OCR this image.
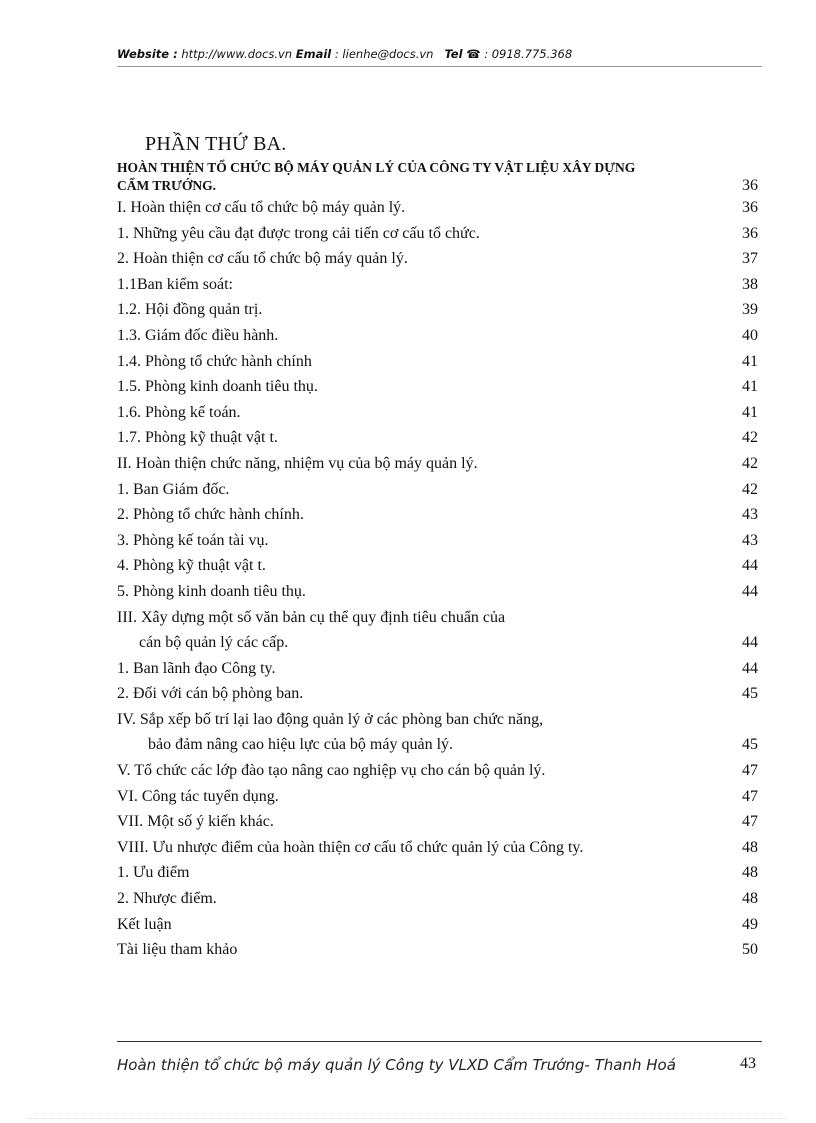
Website : http://www.docs.vn Email : lienhe@docs.vn Tel ☎ : 0918.775.368
PHẦN THỨ BA.
HOÀN THIỆN TỔ CHỨC BỘ MÁY QUẢN LÝ CỦA CÔNG TY VẬT LIỆU XÂY DỰNG
CẨM TRƯỚNG.	36
I. Hoàn thiện cơ cấu tổ chức bộ máy quản lý.	36
1. Những yêu cầu đạt được trong cải tiến cơ cấu tổ chức.	36
2. Hoàn thiện cơ cấu tổ chức bộ máy quản lý.	37
1.1Ban kiểm soát:	38
1.2. Hội đồng quản trị.	39
1.3. Giám đốc điều hành.	40
1.4. Phòng tổ chức hành chính	41
1.5. Phòng kinh doanh tiêu thụ.	41
1.6. Phòng kế toán.	41
1.7. Phòng kỹ thuật vật t.	42
II. Hoàn thiện chức năng, nhiệm vụ của bộ máy quản lý.	42
1. Ban Giám đốc.	42
2. Phòng tổ chức hành chính.	43
3. Phòng kế toán tài vụ.	43
4. Phòng kỹ thuật vật t.	44
5. Phòng kinh doanh tiêu thụ.	44
III. Xây dựng một số văn bản cụ thể quy định tiêu chuẩn của
cán bộ quản lý các cấp.	44
1. Ban lãnh đạo Công ty.	44
2. Đối với cán bộ phòng ban.	45
IV. Sắp xếp bố trí lại lao động quản lý ở các phòng ban chức năng,
bảo đảm nâng cao hiệu lực của bộ máy quản lý.	45
V. Tổ chức các lớp đào tạo nâng cao nghiệp vụ cho cán bộ quản lý.	47
VI. Công tác tuyển dụng.	47
VII. Một số ý kiến khác.	47
VIII. Ưu nhược điểm của hoàn thiện cơ cấu tổ chức quản lý của Công ty.	48
1. Ưu điểm	48
2. Nhược điểm.	48
Kết luận	49
Tài liệu tham khảo	50
Hoàn thiện tổ chức bộ máy quản lý Công ty VLXD Cẩm Trướng- Thanh Hoá	43
